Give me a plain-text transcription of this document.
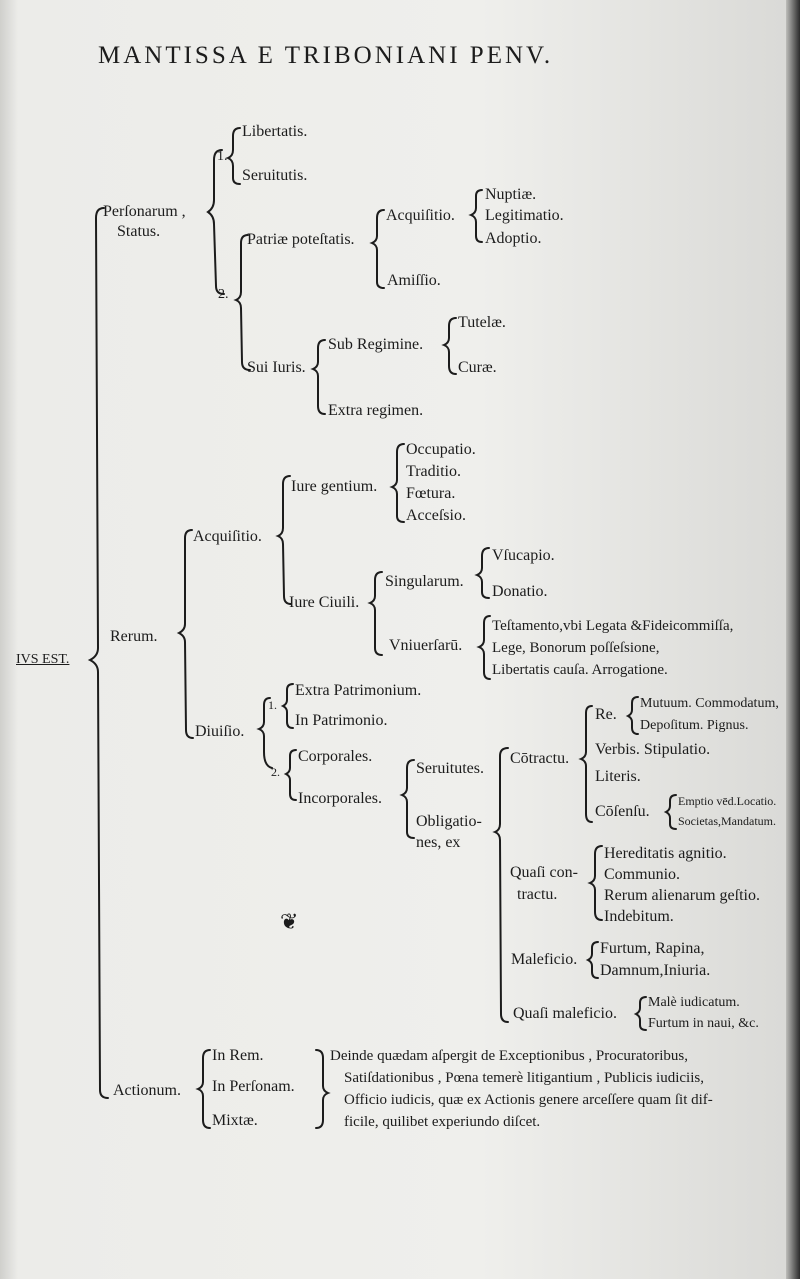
MANTISSA E TRIBONIANI PENV.
IVS EST.
Perſonarum ,
Status.
1.
Libertatis.
Seruitutis.
2.
Patriæ poteſtatis.
Acquiſitio.
Nuptiæ.
Legitimatio.
Adoptio.
Amiſſio.
Sui Iuris.
Sub Regimine.
Tutelæ.
Curæ.
Extra regimen.
Rerum.
Acquiſitio.
Iure gentium.
Occupatio.
Traditio.
Fœtura.
Acceſsio.
Iure Ciuili.
Singularum.
Vſucapio.
Donatio.
Vniuerſarū.
Teſtamento,vbi Legata &Fideicommiſſa,
Lege, Bonorum poſſeſsione,
Libertatis cauſa. Arrogatione.
Diuiſio.
1.
Extra Patrimonium.
In Patrimonio.
2.
Corporales.
Incorporales.
Seruitutes.
Obligatio-
nes, ex
Cōtractu.
Re.
Mutuum. Commodatum,
Depoſitum. Pignus.
Verbis. Stipulatio.
Literis.
Cōſenſu.
Emptio vēd.Locatio.
Societas,Mandatum.
Quaſi con-
tractu.
Hereditatis agnitio.
Communio.
Rerum alienarum geſtio.
Indebitum.
Maleficio.
Furtum, Rapina,
Damnum,Iniuria.
Quaſi maleficio.
Malè iudicatum.
Furtum in naui, &c.
❦
Actionum.
In Rem.
In Perſonam.
Mixtæ.
Deinde quædam aſpergit de Exceptionibus , Procuratoribus,
Satiſdationibus , Pœna temerè litigantium , Publicis iudiciis,
Officio iudicis, quæ ex Actionis genere arceſſere quam ſit dif-
ficile, quilibet experiundo diſcet.
